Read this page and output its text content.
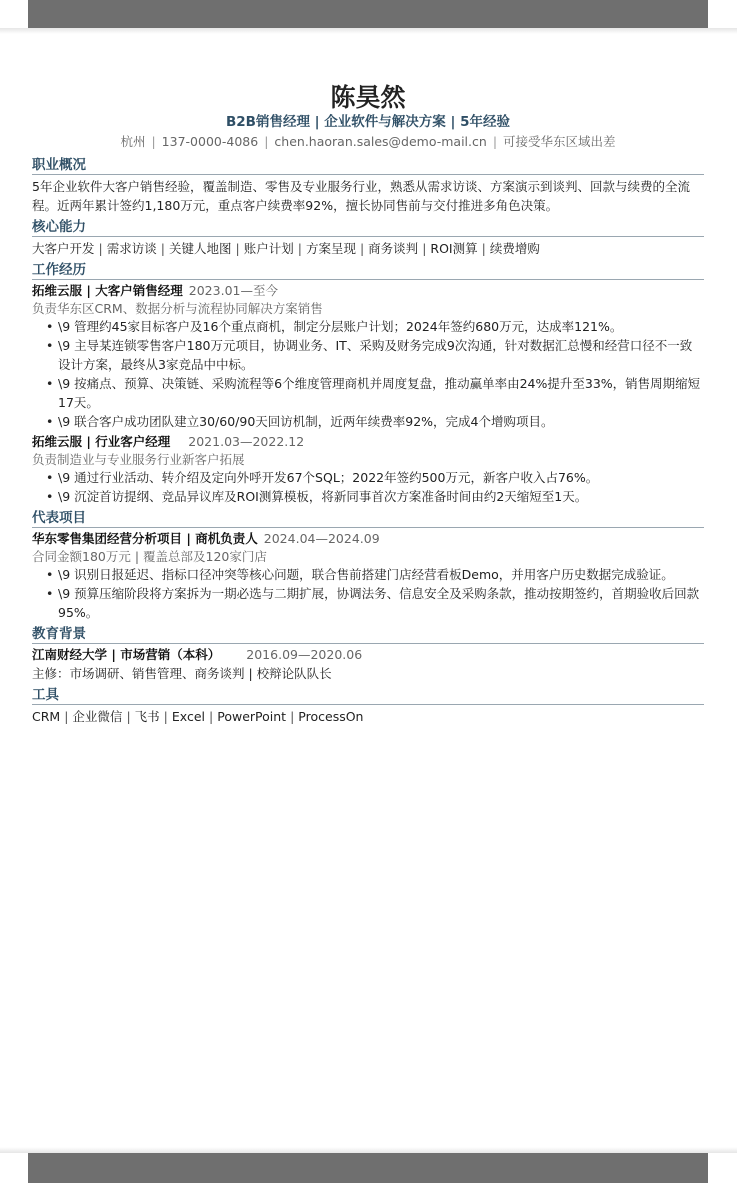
陈昊然
B2B销售经理 | 企业软件与解决方案 | 5年经验
杭州 | 137-0000-4086 | chen.haoran.sales@demo-mail.cn | 可接受华东区域出差
职业概况
5年企业软件大客户销售经验，覆盖制造、零售及专业服务行业，熟悉从需求访谈、方案演示到谈判、回款与续费的全流程。近两年累计签约1,180万元，重点客户续费率92%，擅长协同售前与交付推进多角色决策。
核心能力
大客户开发 | 需求访谈 | 关键人地图 | 账户计划 | 方案呈现 | 商务谈判 | ROI测算 | 续费增购
工作经历
拓维云服 | 大客户销售经理 2023.01—至今
负责华东区CRM、数据分析与流程协同解决方案销售
• \9 管理约45家目标客户及16个重点商机，制定分层账户计划；2024年签约680万元，达成率121%。
• \9 主导某连锁零售客户180万元项目，协调业务、IT、采购及财务完成9次沟通，针对数据汇总慢和经营口径不一致设计方案，最终从3家竞品中中标。
• \9 按痛点、预算、决策链、采购流程等6个维度管理商机并周度复盘，推动赢单率由24%提升至33%，销售周期缩短17天。
• \9 联合客户成功团队建立30/60/90天回访机制，近两年续费率92%，完成4个增购项目。
拓维云服 | 行业客户经理 2021.03—2022.12
负责制造业与专业服务行业新客户拓展
• \9 通过行业活动、转介绍及定向外呼开发67个SQL；2022年签约500万元，新客户收入占76%。
• \9 沉淀首访提纲、竞品异议库及ROI测算模板，将新同事首次方案准备时间由约2天缩短至1天。
代表项目
华东零售集团经营分析项目 | 商机负责人 2024.04—2024.09
合同金额180万元 | 覆盖总部及120家门店
• \9 识别日报延迟、指标口径冲突等核心问题，联合售前搭建门店经营看板Demo，并用客户历史数据完成验证。
• \9 预算压缩阶段将方案拆为一期必选与二期扩展，协调法务、信息安全及采购条款，推动按期签约，首期验收后回款95%。
教育背景
江南财经大学 | 市场营销（本科） 2016.09—2020.06
主修：市场调研、销售管理、商务谈判 | 校辩论队队长
工具
CRM | 企业微信 | 飞书 | Excel | PowerPoint | ProcessOn
